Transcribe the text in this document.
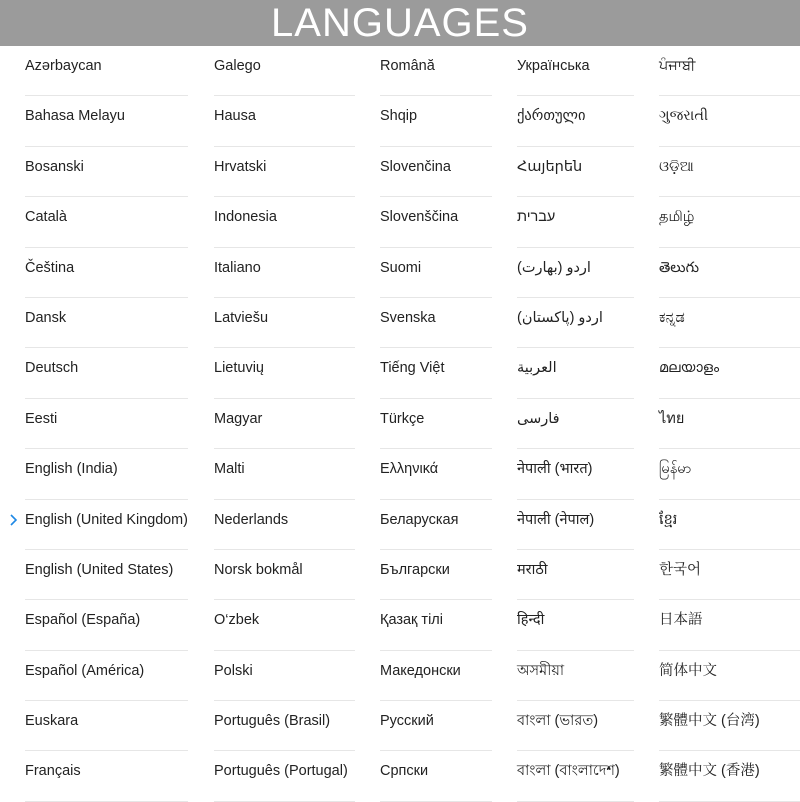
LANGUAGES
Azərbaycan
Bahasa Melayu
Bosanski
Català
Čeština
Dansk
Deutsch
Eesti
English (India)
English (United Kingdom)
English (United States)
Español (España)
Español (América)
Euskara
Français
Galego
Hausa
Hrvatski
Indonesia
Italiano
Latviešu
Lietuvių
Magyar
Malti
Nederlands
Norsk bokmål
O‘zbek
Polski
Português (Brasil)
Português (Portugal)
Română
Shqip
Slovenčina
Slovenščina
Suomi
Svenska
Tiếng Việt
Türkçe
Ελληνικά
Беларуская
Български
Қазақ тілі
Македонски
Русский
Српски
Українська
ქართული
Հայերեն
עברית
اردو (بھارت)
اردو (پاکستان)
العربية
فارسی
नेपाली (भारत)
नेपाली (नेपाल)
मराठी
हिन्दी
অসমীয়া
বাংলা (ভারত)
বাংলা (বাংলাদেশ)
ਪੰਜਾਬੀ
ગુજરાતી
ଓଡ଼ିଆ
தமிழ்
తెలుగు
ಕನ್ನಡ
മലയാളം
ไทย
မြန်မာ
ខ្មែរ
한국어
日本語
简体中文
繁體中文 (台湾)
繁體中文 (香港)
